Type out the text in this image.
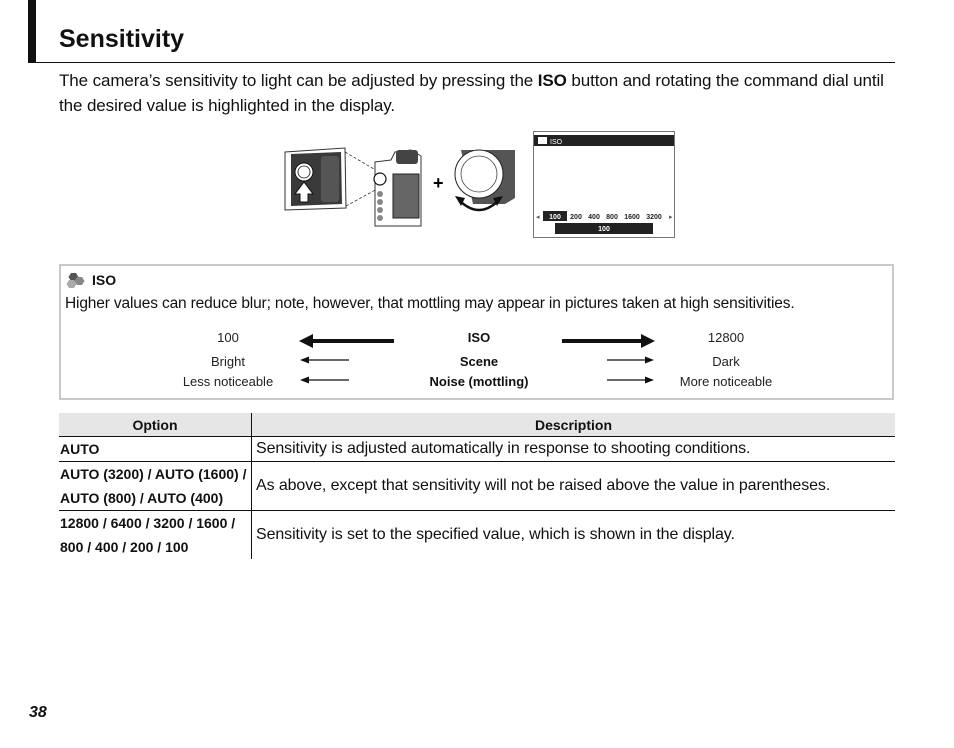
Sensitivity

The camera’s sensitivity to light can be adjusted by pressing the ISO button and rotating the command dial until the desired value is highlighted in the display.

+
ISO
◂ 100 200 400 800 1600 3200 ▸
100
ISO

Higher values can reduce blur; note, however, that mottling may appear in pictures taken at high sensitivities.

100	ISO	12800
Bright	Scene	Dark
Less noticeable	Noise (mottling)	More noticeable
Option	Description
AUTO	Sensitivity is adjusted automatically in response to shooting conditions.
AUTO (3200) / AUTO (1600) /
AUTO (800) / AUTO (400)	As above, except that sensitivity will not be raised above the value in parentheses.
12800 / 6400 / 3200 / 1600 /
800 / 400 / 200 / 100	Sensitivity is set to the specified value, which is shown in the display.
38
